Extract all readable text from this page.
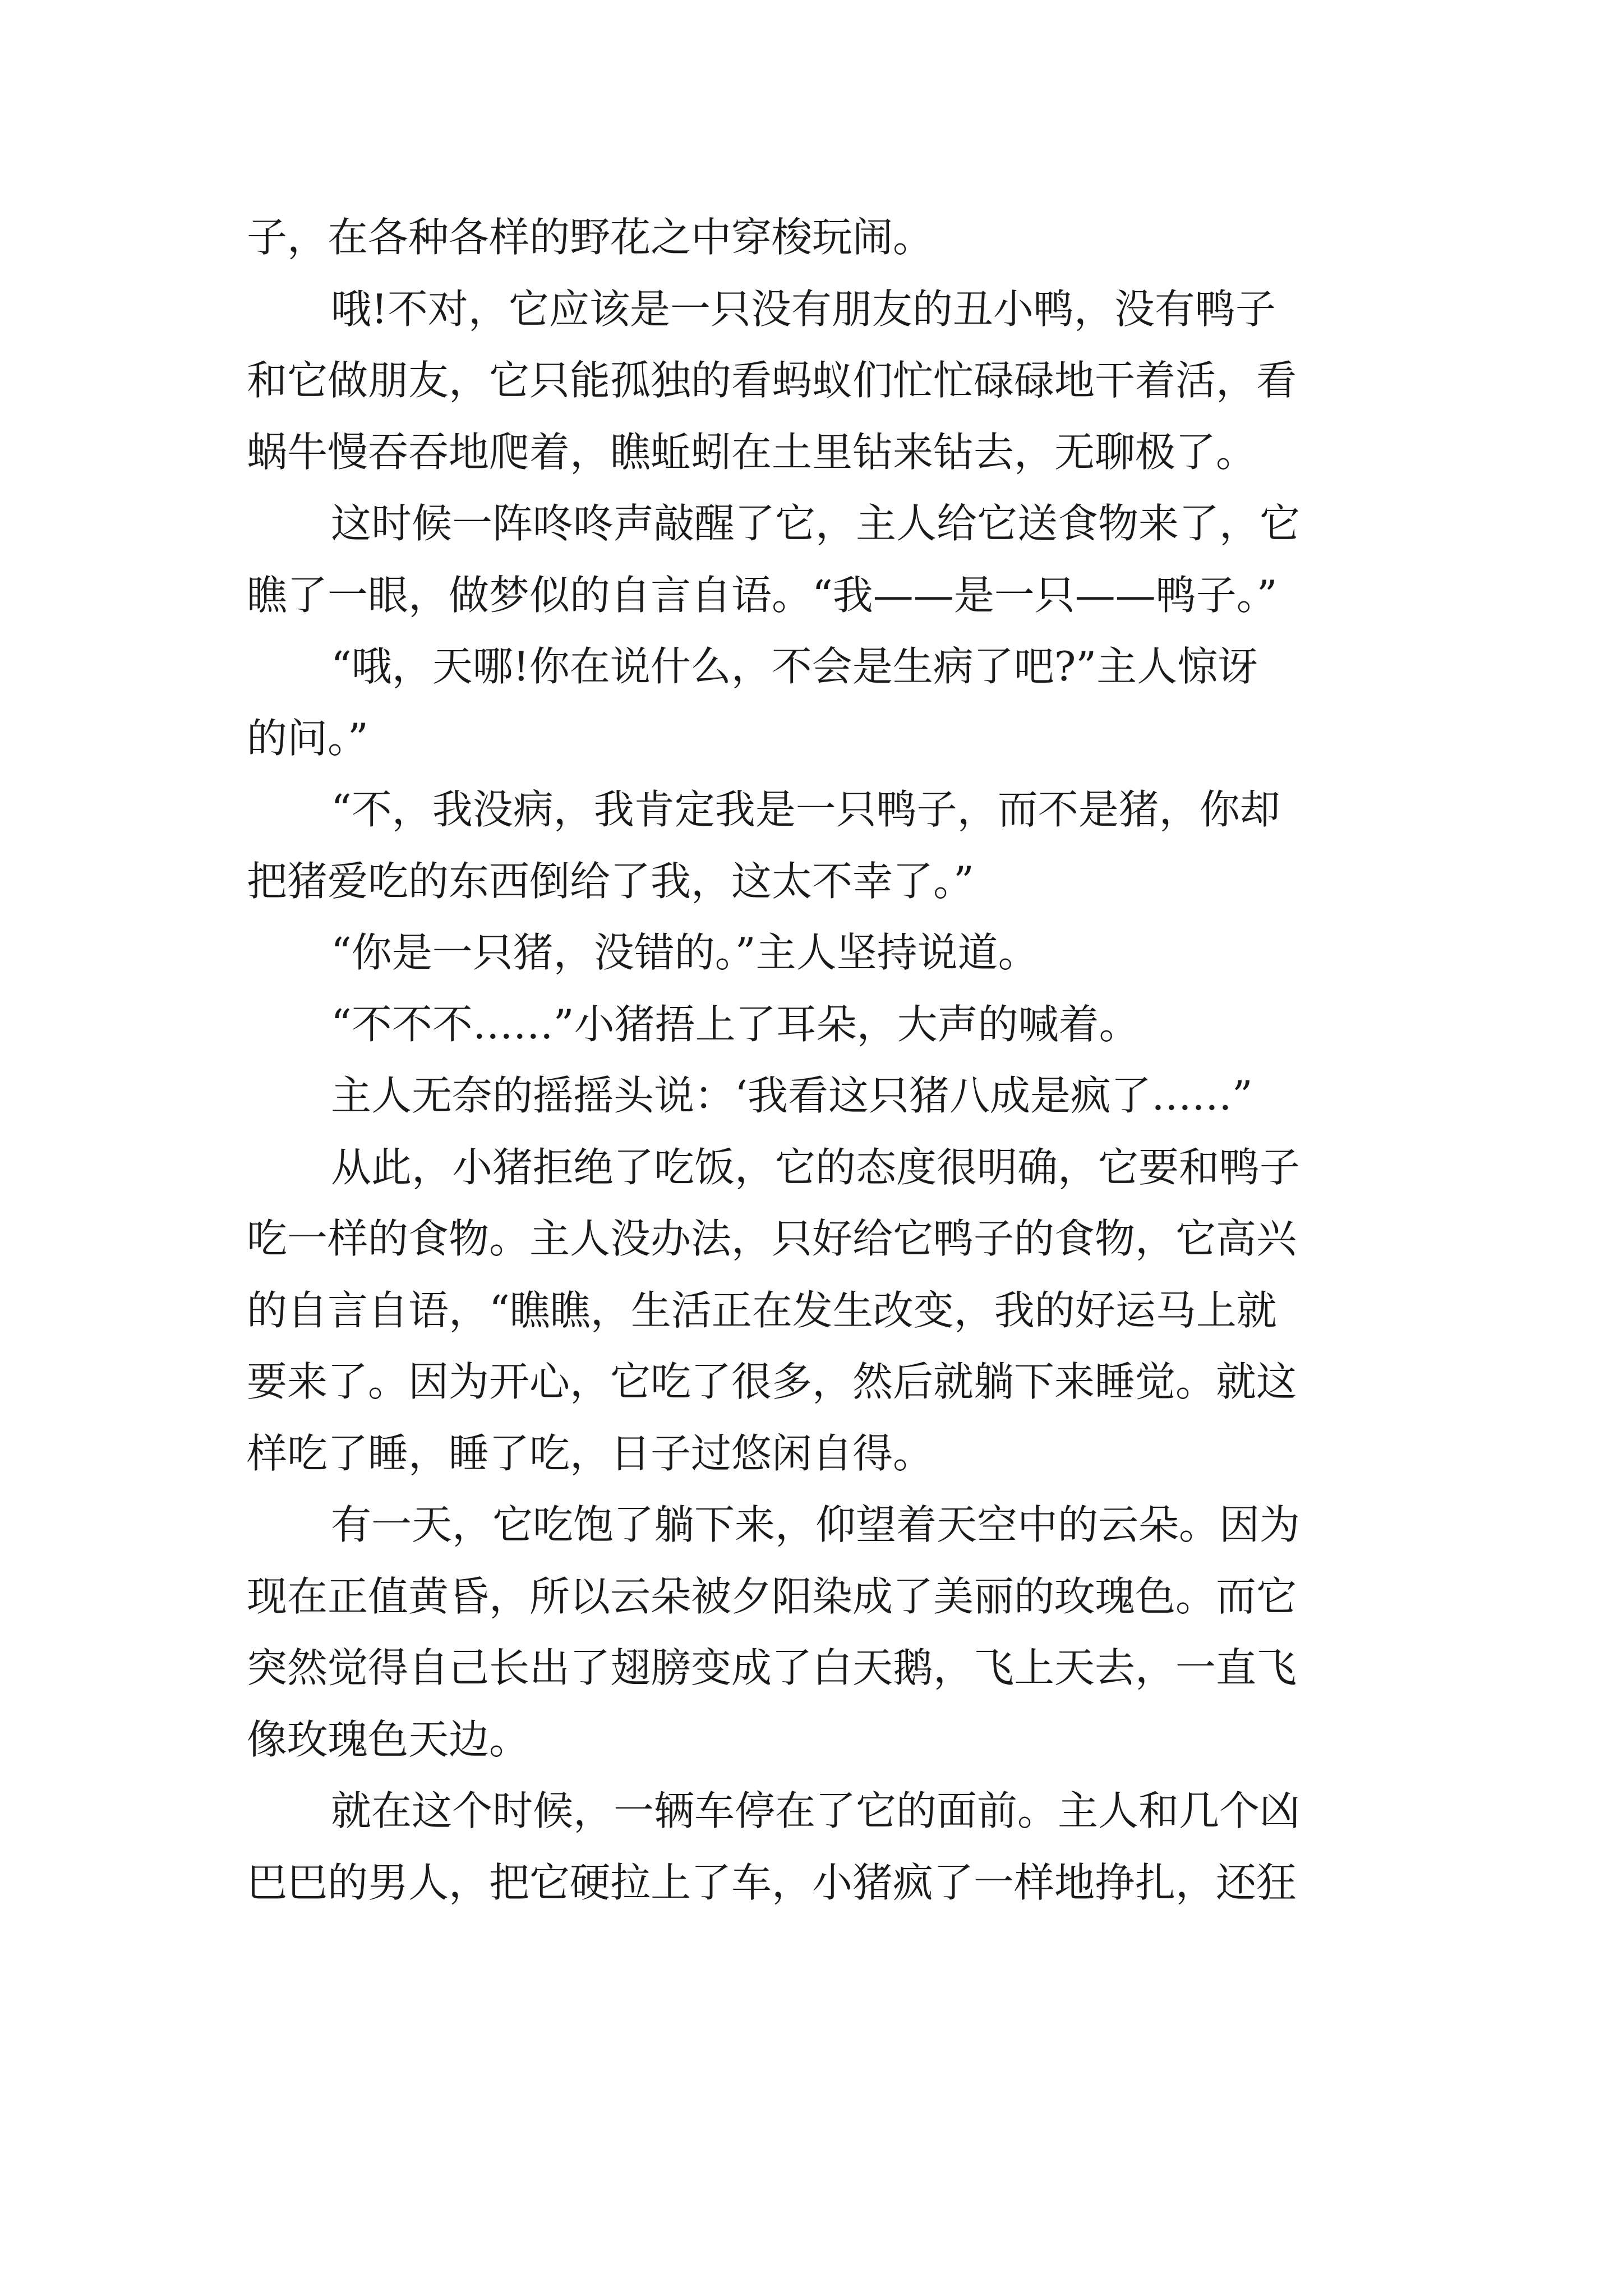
子，在各种各样的野花之中穿梭玩闹。
哦!不对，它应该是一只没有朋友的丑小鸭，没有鸭子
和它做朋友，它只能孤独的看蚂蚁们忙忙碌碌地干着活，看
蜗牛慢吞吞地爬着，瞧蚯蚓在土里钻来钻去，无聊极了。
这时候一阵咚咚声敲醒了它，主人给它送食物来了，它
瞧了一眼，做梦似的自言自语。“我——是一只——鸭子。”
“哦，天哪!你在说什么，不会是生病了吧?”主人惊讶
的问。”
“不，我没病，我肯定我是一只鸭子，而不是猪，你却
把猪爱吃的东西倒给了我，这太不幸了。”
“你是一只猪，没错的。”主人坚持说道。
“不不不……”小猪捂上了耳朵，大声的喊着。
主人无奈的摇摇头说：‘我看这只猪八成是疯了……”
从此，小猪拒绝了吃饭，它的态度很明确，它要和鸭子
吃一样的食物。主人没办法，只好给它鸭子的食物，它高兴
的自言自语，“瞧瞧，生活正在发生改变，我的好运马上就
要来了。因为开心，它吃了很多，然后就躺下来睡觉。就这
样吃了睡，睡了吃，日子过悠闲自得。
有一天，它吃饱了躺下来，仰望着天空中的云朵。因为
现在正值黄昏，所以云朵被夕阳染成了美丽的玫瑰色。而它
突然觉得自己长出了翅膀变成了白天鹅，飞上天去，一直飞
像玫瑰色天边。
就在这个时候，一辆车停在了它的面前。主人和几个凶
巴巴的男人，把它硬拉上了车，小猪疯了一样地挣扎，还狂
